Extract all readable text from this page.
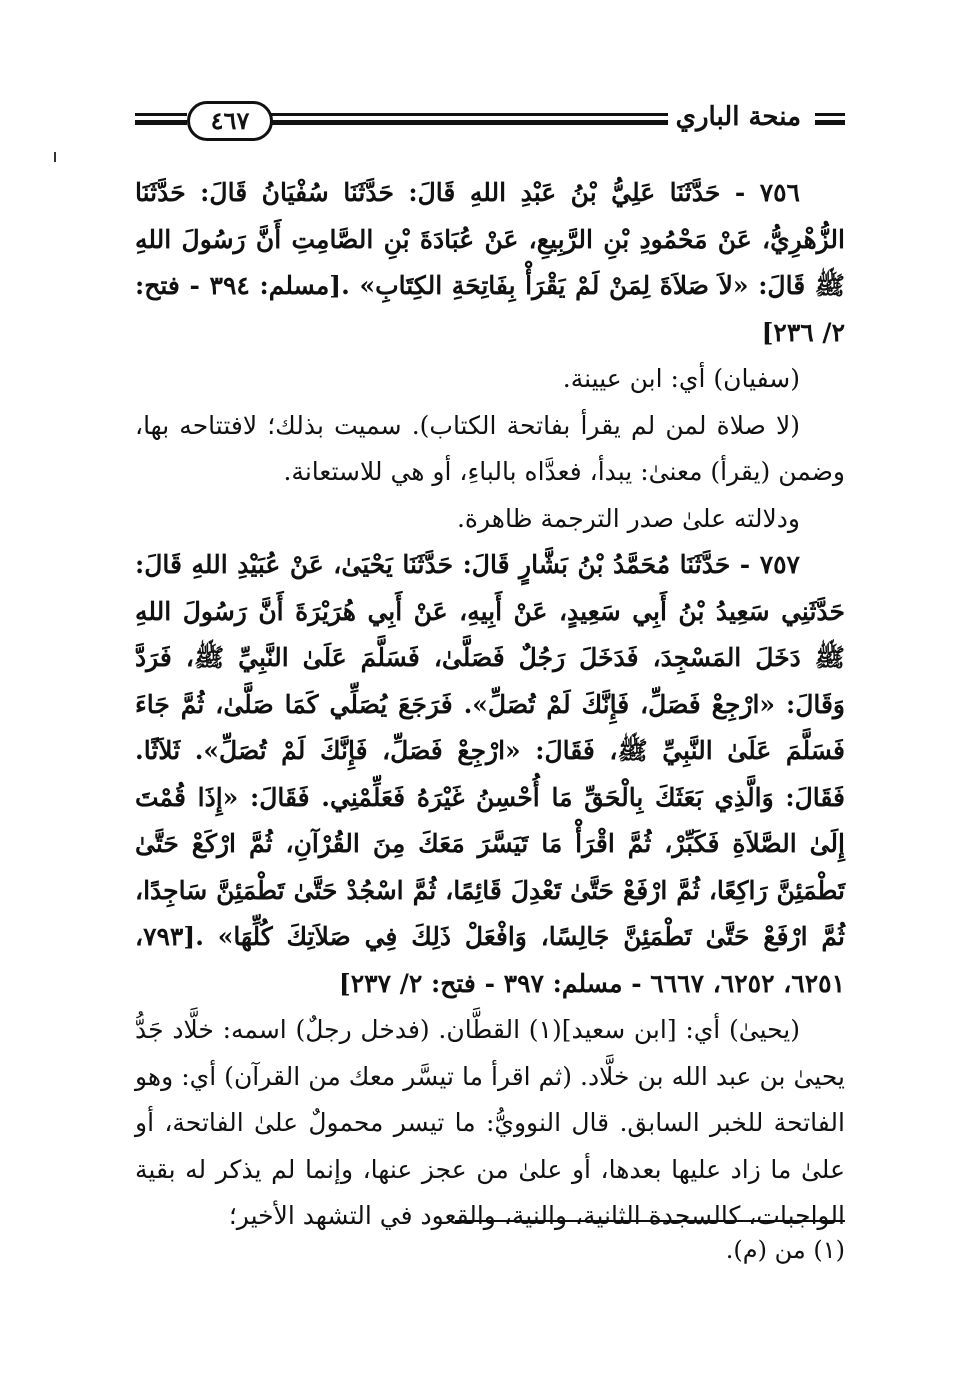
٤٦٧	منحة الباري

٧٥٦ - حَدَّثَنَا عَلِيُّ بْنُ عَبْدِ اللهِ قَالَ: حَدَّثَنَا سُفْيَانُ قَالَ: حَدَّثَنَا الزُّهْرِيُّ، عَنْ مَحْمُودِ بْنِ الرَّبِيعِ، عَنْ عُبَادَةَ بْنِ الصَّامِتِ أَنَّ رَسُولَ اللهِ ﷺ قَالَ: «لاَ صَلاَةَ لِمَنْ لَمْ يَقْرَأْ بِفَاتِحَةِ الكِتَابِ» .[مسلم: ٣٩٤ - فتح: ٢/ ٢٣٦]

(سفيان) أي: ابن عيينة.

(لا صلاة لمن لم يقرأ بفاتحة الكتاب). سميت بذلك؛ لافتتاحه بها، وضمن (يقرأ) معنىٰ: يبدأ، فعدَّاه بالباءِ، أو هي للاستعانة.

ودلالته علىٰ صدر الترجمة ظاهرة.

٧٥٧ - حَدَّثَنَا مُحَمَّدُ بْنُ بَشَّارٍ قَالَ: حَدَّثَنَا يَحْيَىٰ، عَنْ عُبَيْدِ اللهِ قَالَ: حَدَّثَنِي سَعِيدُ بْنُ أَبِي سَعِيدٍ، عَنْ أَبِيهِ، عَنْ أَبِي هُرَيْرَةَ أَنَّ رَسُولَ اللهِ ﷺ دَخَلَ المَسْجِدَ، فَدَخَلَ رَجُلٌ فَصَلَّىٰ، فَسَلَّمَ عَلَىٰ النَّبِيِّ ﷺ، فَرَدَّ وَقَالَ: «ارْجِعْ فَصَلِّ، فَإِنَّكَ لَمْ تُصَلِّ». فَرَجَعَ يُصَلِّي كَمَا صَلَّىٰ، ثُمَّ جَاءَ فَسَلَّمَ عَلَىٰ النَّبِيِّ ﷺ، فَقَالَ: «ارْجِعْ فَصَلِّ، فَإِنَّكَ لَمْ تُصَلِّ». ثَلاَثًا. فَقَالَ: وَالَّذِي بَعَثَكَ بِالْحَقِّ مَا أُحْسِنُ غَيْرَهُ فَعَلِّمْنِي. فَقَالَ: «إِذَا قُمْتَ إِلَىٰ الصَّلاَةِ فَكَبِّرْ، ثُمَّ اقْرَأْ مَا تَيَسَّرَ مَعَكَ مِنَ القُرْآنِ، ثُمَّ ارْكَعْ حَتَّىٰ تَطْمَئِنَّ رَاكِعًا، ثُمَّ ارْفَعْ حَتَّىٰ تَعْدِلَ قَائِمًا، ثُمَّ اسْجُدْ حَتَّىٰ تَطْمَئِنَّ سَاجِدًا، ثُمَّ ارْفَعْ حَتَّىٰ تَطْمَئِنَّ جَالِسًا، وَافْعَلْ ذَلِكَ فِي صَلاَتِكَ كُلِّهَا» .[٧٩٣، ٦٢٥١، ٦٢٥٢، ٦٦٦٧ - مسلم: ٣٩٧ - فتح: ٢/ ٢٣٧]

(يحيىٰ) أي: [ابن سعيد](١) القطَّان. (فدخل رجلٌ) اسمه: خلَّاد جَدُّ يحيىٰ بن عبد الله بن خلَّاد. (ثم اقرأ ما تيسَّر معك من القرآن) أي: وهو الفاتحة للخبر السابق. قال النوويُّ: ما تيسر محمولٌ علىٰ الفاتحة، أو علىٰ ما زاد عليها بعدها، أو علىٰ من عجز عنها، وإنما لم يذكر له بقية الواجبات، كالسجدة الثانية، والنية، والقعود في التشهد الأخير؛

(١) من (م).
